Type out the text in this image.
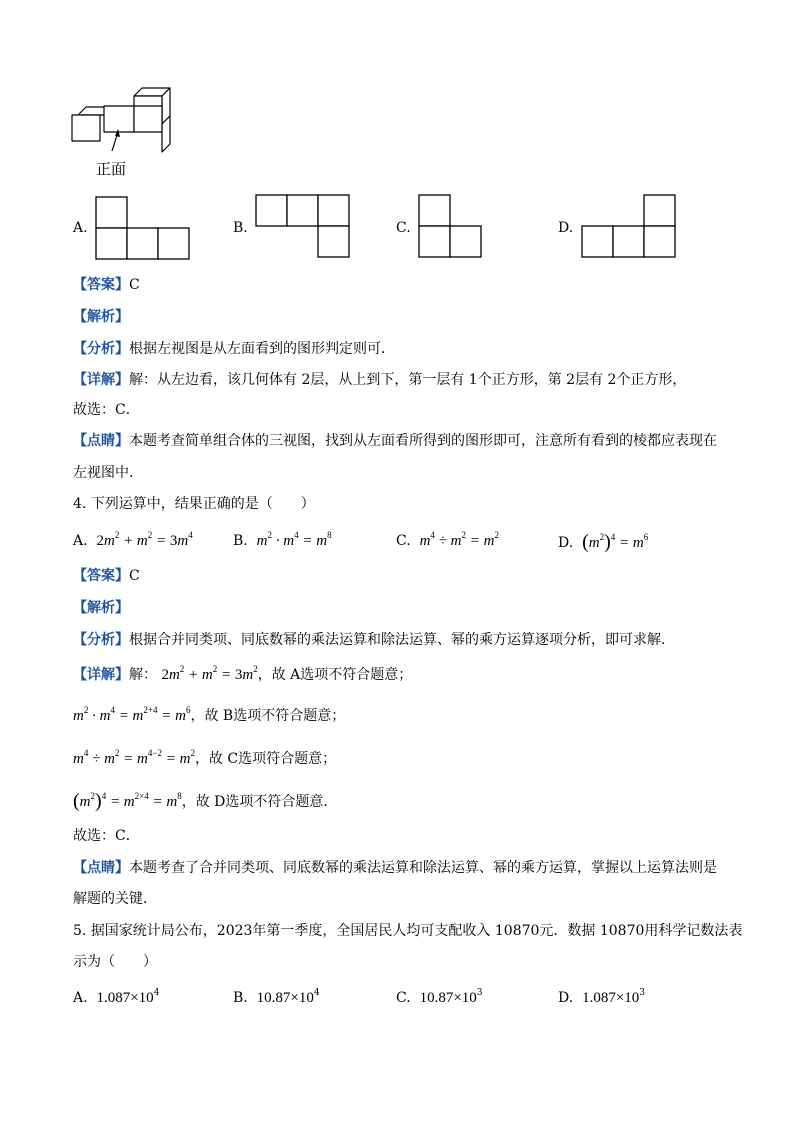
正面
A.	B.	C.	D.
【答案】C
【解析】
【分析】根据左视图是从左面看到的图形判定则可．
【详解】解：从左边看，该几何体有 2层，从上到下，第一层有 1个正方形，第 2层有 2个正方形，
故选：C．
【点睛】本题考查简单组合体的三视图，找到从左面看所得到的图形即可，注意所有看到的棱都应表现在
左视图中．
4. 下列运算中，结果正确的是（　　）
A. $2m^2 + m^2 = 3m^4$	B. $m^2 \cdot m^4 = m^8$	C. $m^4 \div m^2 = m^2$	D. $(m^2)^4 = m^6$
【答案】C
【解析】
【分析】根据合并同类项、同底数幂的乘法运算和除法运算、幂的乘方运算逐项分析，即可求解．
【详解】解： $2m^2 + m^2 = 3m^2$，故 A选项不符合题意；
$m^2 \cdot m^4 = m^{2+4} = m^6$，故 B选项不符合题意；
$m^4 \div m^2 = m^{4-2} = m^2$，故 C选项符合题意；
$(m^2)^4 = m^{2\times 4} = m^8$，故 D选项不符合题意．
故选：C．
【点睛】本题考查了合并同类项、同底数幂的乘法运算和除法运算、幂的乘方运算，掌握以上运算法则是
解题的关键．
5. 据国家统计局公布，2023年第一季度，全国居民人均可支配收入 10870元．数据 10870用科学记数法表
示为（　　）
A.  $1.087\times 10^4$	B.  $10.87\times 10^4$	C.  $10.87\times 10^3$	D.  $1.087\times 10^3$
